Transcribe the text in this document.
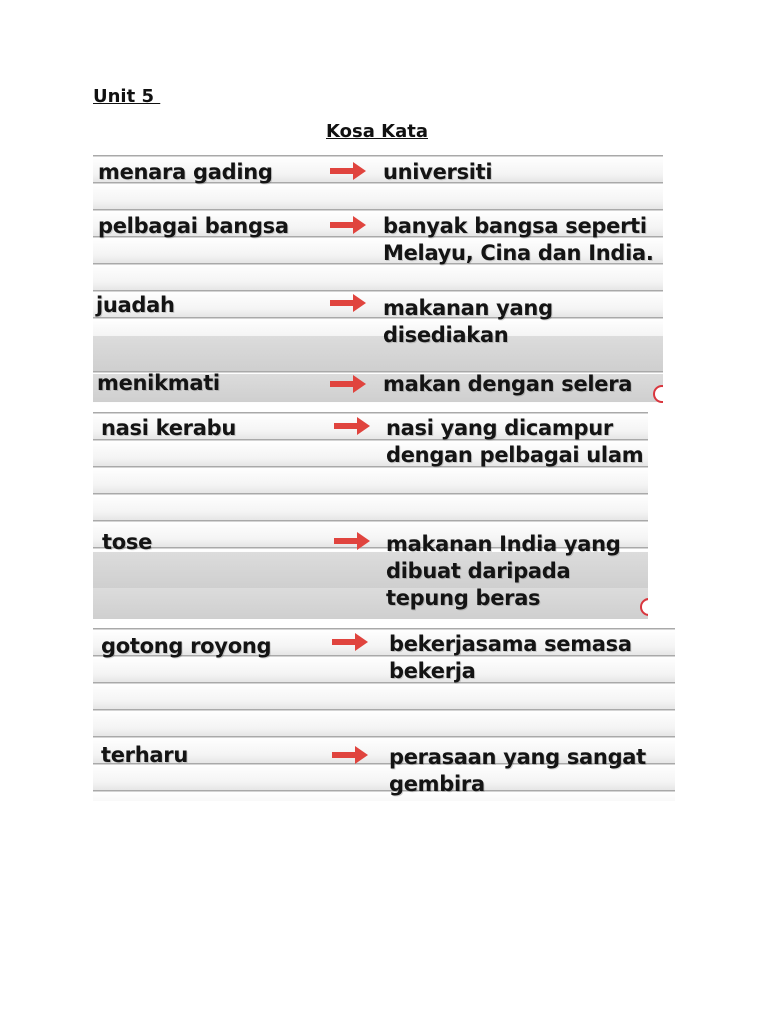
Unit 5
Kosa Kata
menara gading	universiti
pelbagai bangsa	banyak bangsa seperti
Melayu, Cina dan India.
juadah	makanan yang
disediakan
menikmati	makan dengan selera
nasi kerabu	nasi yang dicampur
dengan pelbagai ulam
tose	makanan India yang
dibuat daripada
tepung beras
gotong royong	bekerjasama semasa
bekerja
terharu	perasaan yang sangat
gembira
